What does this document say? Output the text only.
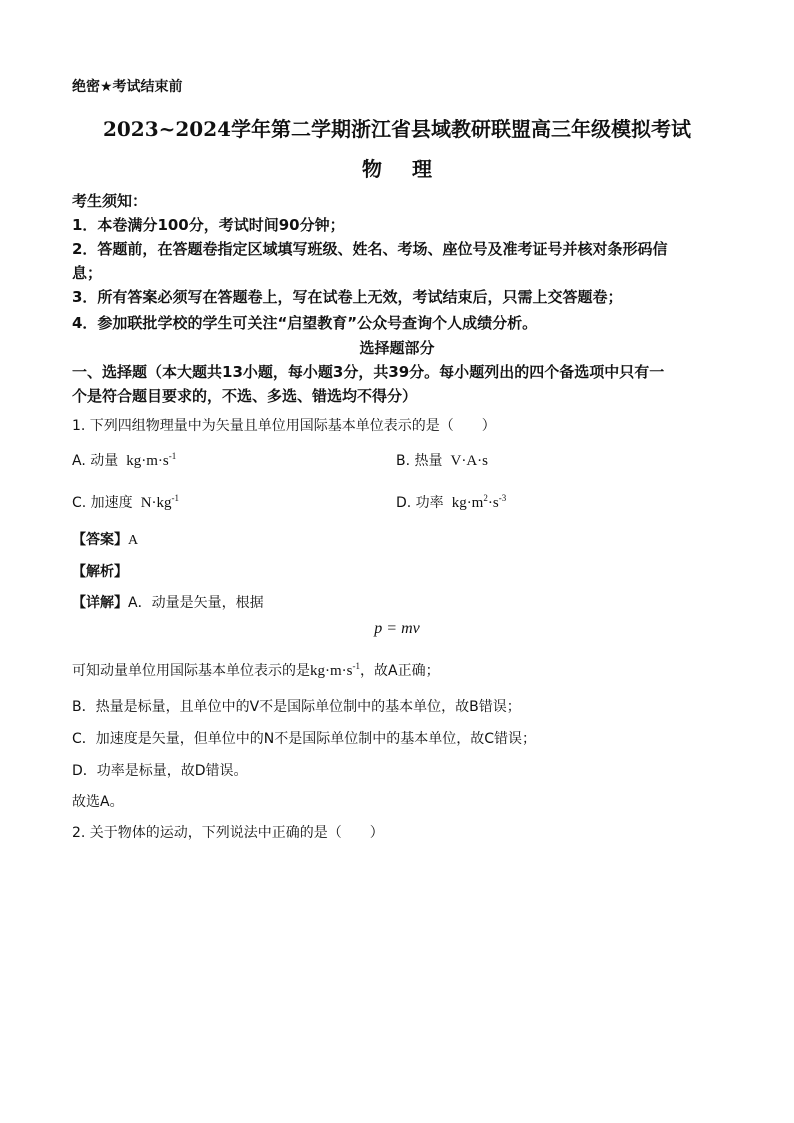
绝密★考试结束前
2023~2024学年第二学期浙江省县域教研联盟高三年级模拟考试
物理
考生须知：
1．本卷满分100分，考试时间90分钟；
2．答题前，在答题卷指定区域填写班级、姓名、考场、座位号及准考证号并核对条形码信
息；
3．所有答案必须写在答题卷上，写在试卷上无效，考试结束后，只需上交答题卷；
4．参加联批学校的学生可关注“启望教育”公众号查询个人成绩分析。
选择题部分
一、选择题（本大题共13小题，每小题3分，共39分。每小题列出的四个备选项中只有一
个是符合题目要求的，不选、多选、错选均不得分）
1. 下列四组物理量中为矢量且单位用国际基本单位表示的是（　　）
A. 动量 $kg\cdot m\cdot s^{-1}$	B. 热量 V·A·s
C. 加速度 $N\cdot kg^{-1}$	D. 功率 $kg\cdot m^2\cdot s^{-3}$
【答案】A
【解析】
【详解】A．动量是矢量，根据
p = mv
可知动量单位用国际基本单位表示的是$kg\cdot m\cdot s^{-1}$，故A正确；
B．热量是标量，且单位中的V不是国际单位制中的基本单位，故B错误；
C．加速度是矢量，但单位中的N不是国际单位制中的基本单位，故C错误；
D．功率是标量，故D错误。
故选A。
2. 关于物体的运动，下列说法中正确的是（　　）
